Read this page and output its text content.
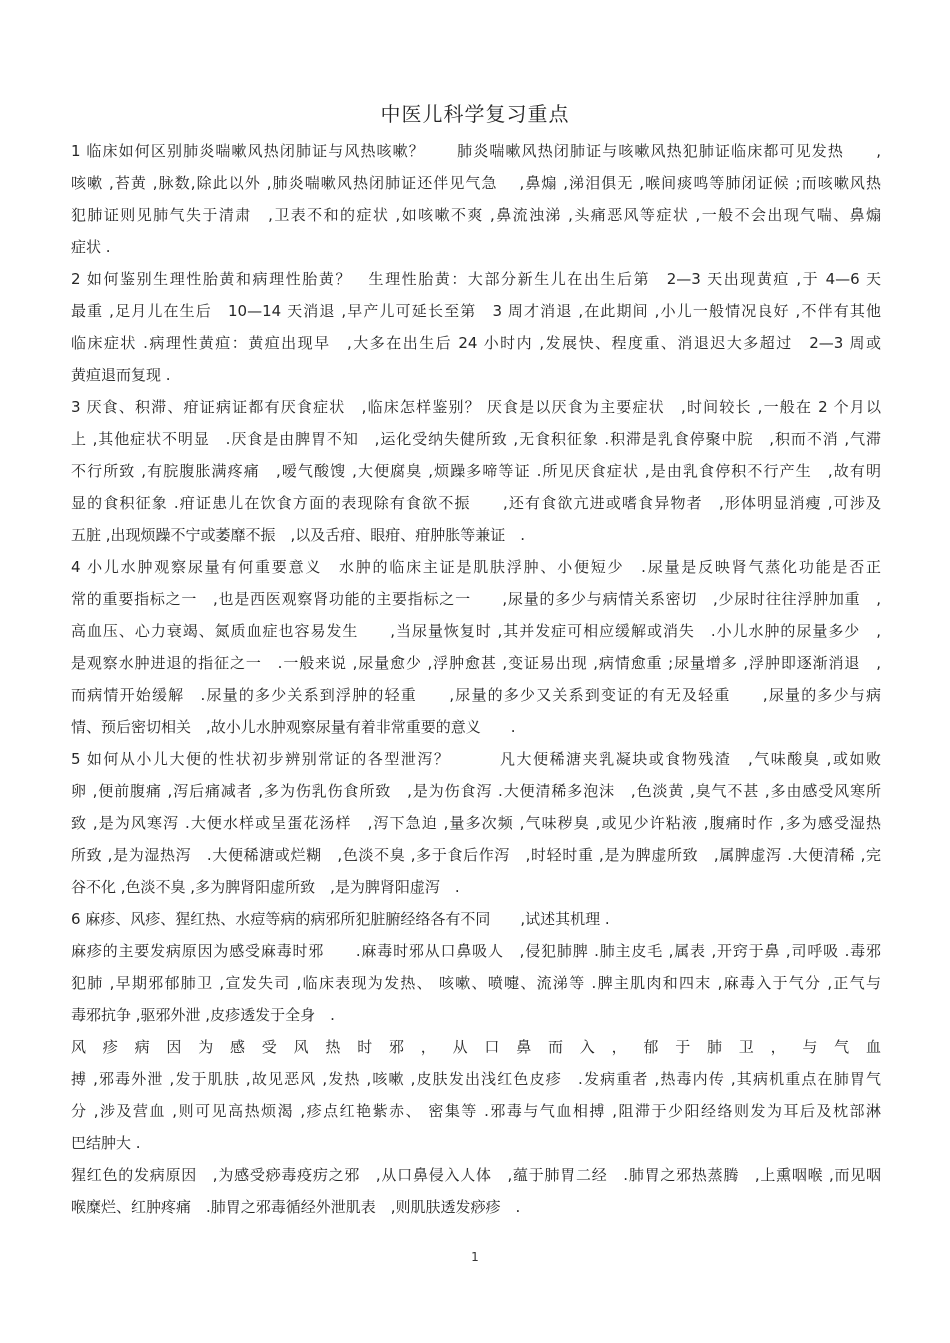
中医儿科学复习重点
1 临床如何区别肺炎喘嗽风热闭肺证与风热咳嗽？　　肺炎喘嗽风热闭肺证与咳嗽风热犯肺证临床都可见发热　　,
咳嗽 ,苔黄 ,脉数,除此以外 ,肺炎喘嗽风热闭肺证还伴见气急　 ,鼻煽 ,涕泪俱无 ,喉间痰鸣等肺闭证候 ;而咳嗽风热
犯肺证则见肺气失于清肃　,卫表不和的症状 ,如咳嗽不爽 ,鼻流浊涕 ,头痛恶风等症状 ,一般不会出现气喘、鼻煽
症状 .
2 如何鉴别生理性胎黄和病理性胎黄？　生理性胎黄：大部分新生儿在出生后第　2—3 天出现黄疸 ,于 4—6 天
最重 ,足月儿在生后　10—14 天消退 ,早产儿可延长至第　3 周才消退 ,在此期间 ,小儿一般情况良好 ,不伴有其他
临床症状 .病理性黄疸：黄疸出现早　,大多在出生后 24 小时内 ,发展快、程度重、消退迟大多超过　2—3 周或
黄疸退而复现 .
3 厌食、积滞、疳证病证都有厌食症状　,临床怎样鉴别？ 厌食是以厌食为主要症状　,时间较长 ,一般在 2 个月以
上 ,其他症状不明显　.厌食是由脾胃不知　,运化受纳失健所致 ,无食积征象 .积滞是乳食停聚中脘　,积而不消 ,气滞
不行所致 ,有脘腹胀满疼痛　,嗳气酸馊 ,大便腐臭 ,烦躁多啼等证 .所见厌食症状 ,是由乳食停积不行产生　,故有明
显的食积征象 .疳证患儿在饮食方面的表现除有食欲不振　　,还有食欲亢进或嗜食异物者　,形体明显消瘦 ,可涉及
五脏 ,出现烦躁不宁或萎靡不振　,以及舌疳、眼疳、疳肿胀等兼证　.
4 小儿水肿观察尿量有何重要意义　水肿的临床主证是肌肤浮肿、小便短少　.尿量是反映肾气蒸化功能是否正
常的重要指标之一　,也是西医观察肾功能的主要指标之一　　,尿量的多少与病情关系密切　,少尿时往往浮肿加重　,
高血压、心力衰竭、氮质血症也容易发生　　,当尿量恢复时 ,其并发症可相应缓解或消失　.小儿水肿的尿量多少　,
是观察水肿进退的指征之一　.一般来说 ,尿量愈少 ,浮肿愈甚 ,变证易出现 ,病情愈重 ;尿量增多 ,浮肿即逐渐消退　,
而病情开始缓解　.尿量的多少关系到浮肿的轻重　　,尿量的多少又关系到变证的有无及轻重　　,尿量的多少与病
情、预后密切相关　,故小儿水肿观察尿量有着非常重要的意义　　.
5 如何从小儿大便的性状初步辨别常证的各型泄泻？　　　凡大便稀溏夹乳凝块或食物残渣　,气味酸臭 ,或如败
卵 ,便前腹痛 ,泻后痛减者 ,多为伤乳伤食所致　,是为伤食泻 .大便清稀多泡沫　,色淡黄 ,臭气不甚 ,多由感受风寒所
致 ,是为风寒泻 .大便水样或呈蛋花汤样　,泻下急迫 ,量多次频 ,气味秽臭 ,或见少许粘液 ,腹痛时作 ,多为感受湿热
所致 ,是为湿热泻　.大便稀溏或烂糊　,色淡不臭 ,多于食后作泻　,时轻时重 ,是为脾虚所致　,属脾虚泻 .大便清稀 ,完
谷不化 ,色淡不臭 ,多为脾肾阳虚所致　,是为脾肾阳虚泻　.
6 麻疹、风疹、猩红热、水痘等病的病邪所犯脏腑经络各有不同　　,试述其机理 .
麻疹的主要发病原因为感受麻毒时邪　　.麻毒时邪从口鼻吸人　,侵犯肺脾 .肺主皮毛 ,属表 ,开窍于鼻 ,司呼吸 .毒邪
犯肺 ,早期邪郁肺卫 ,宣发失司 ,临床表现为发热、 咳嗽、喷嚏、流涕等 .脾主肌肉和四末 ,麻毒入于气分 ,正气与
毒邪抗争 ,驱邪外泄 ,皮疹透发于全身　.
风疹病因为感受风热时邪，从口鼻而入，郁于肺卫，与气血
搏 ,邪毒外泄 ,发于肌肤 ,故见恶风 ,发热 ,咳嗽 ,皮肤发出浅红色皮疹　.发病重者 ,热毒内传 ,其病机重点在肺胃气
分 ,涉及营血 ,则可见高热烦渴 ,疹点红艳紫赤、 密集等 .邪毒与气血相搏 ,阻滞于少阳经络则发为耳后及枕部淋
巴结肿大 .
猩红色的发病原因　,为感受痧毒疫疠之邪　,从口鼻侵入人体　,蕴于肺胃二经　.肺胃之邪热蒸腾　,上熏咽喉 ,而见咽
喉糜烂、红肿疼痛　.肺胃之邪毒循经外泄肌表　,则肌肤透发痧疹　.
1
